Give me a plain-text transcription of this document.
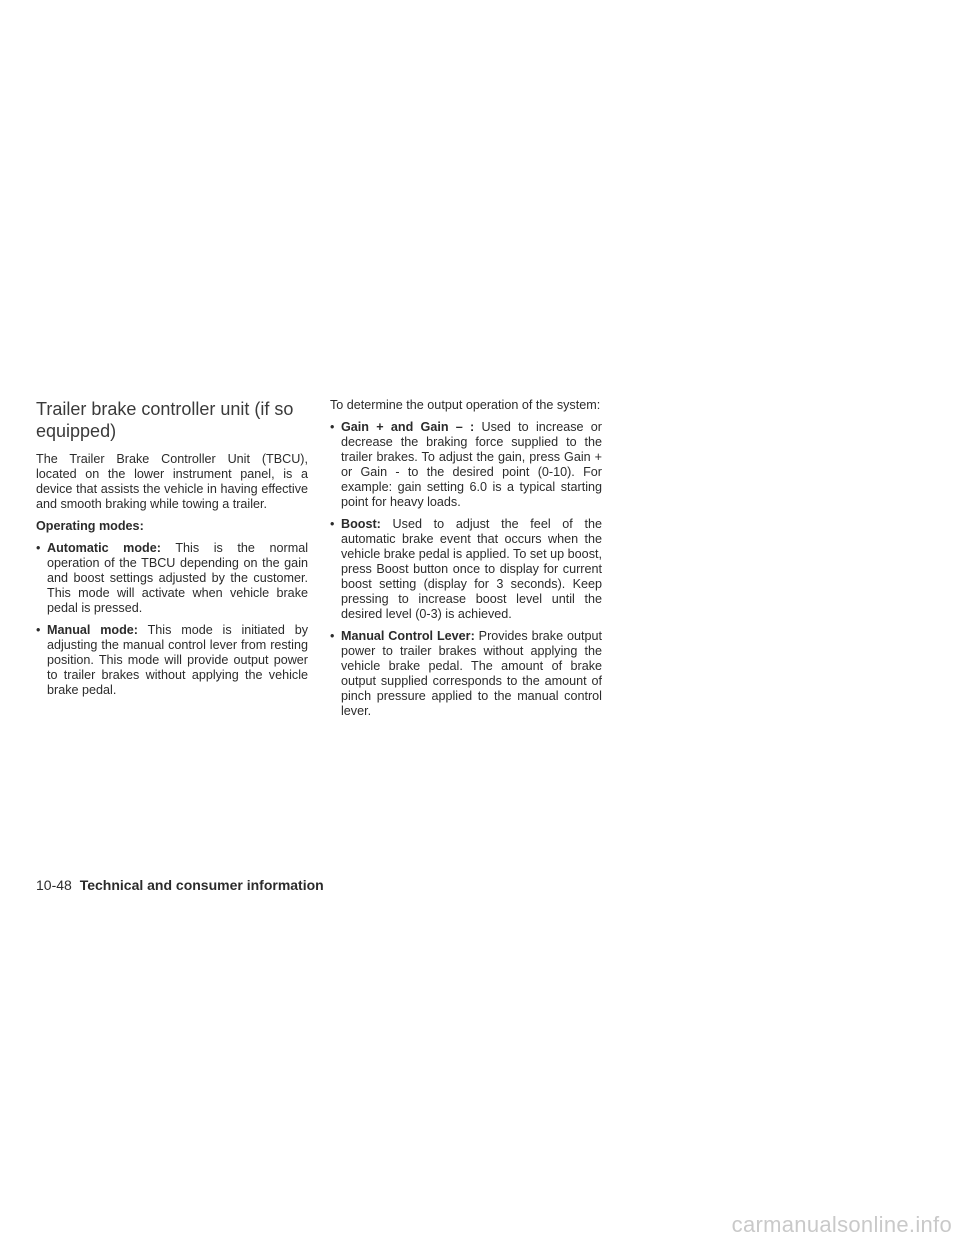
Trailer brake controller unit (if so equipped)

The Trailer Brake Controller Unit (TBCU), located on the lower instrument panel, is a device that assists the vehicle in having effective and smooth braking while towing a trailer.

Operating modes:
• Automatic mode: This is the normal operation of the TBCU depending on the gain and boost settings adjusted by the customer. This mode will activate when vehicle brake pedal is pressed.
• Manual mode: This mode is initiated by adjusting the manual control lever from resting position. This mode will provide output power to trailer brakes without applying the vehicle brake pedal.

To determine the output operation of the system:

• Gain + and Gain – : Used to increase or decrease the braking force supplied to the trailer brakes. To adjust the gain, press Gain + or Gain - to the desired point (0-10). For example: gain setting 6.0 is a typical starting point for heavy loads.
• Boost: Used to adjust the feel of the automatic brake event that occurs when the vehicle brake pedal is applied. To set up boost, press Boost button once to display for current boost setting (display for 3 seconds). Keep pressing to increase boost level until the desired level (0-3) is achieved.
• Manual Control Lever: Provides brake output power to trailer brakes without applying the vehicle brake pedal. The amount of brake output supplied corresponds to the amount of pinch pressure applied to the manual control lever.
10-48 Technical and consumer information
carmanualsonline.info
